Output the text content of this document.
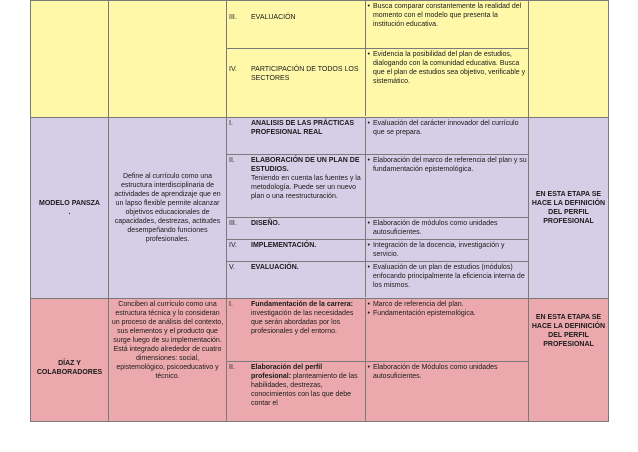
III.	EVALUACIÓN	
• Busca comparar constantemente la realidad del momento con el modelo que presenta la institución educativa.

IV.	PARTICIPACIÓN DE TODOS LOS SECTORES	
• Evidencia la posibilidad del plan de estudios, dialogando con la comunidad educativa. Busca que el plan de estudios sea objetivo, verificable y sistemático.

MODELO PANSZA
.	Define al currículo como una estructura interdisciplinaria de actividades de aprendizaje que en un lapso flexible permite alcanzar objetivos educacionales de capacidades, destrezas, actitudes desempeñando funciones profesionales.	
I.	ANALISIS DE LAS PRÁCTICAS PROFESIONAL REAL	
• Evaluación del carácter innovador del currículo que se prepara.

II.	ELABORACIÓN DE UN PLAN DE ESTUDIOS.
Teniendo en cuenta las fuentes y la metodología. Puede ser un nuevo plan o una reestructuración.	
• Elaboración del marco de referencia del plan y su fundamentación epistemológica.

III.	DISEÑO.	• Elaboración de módulos como unidades autosuficientes.

IV.	IMPLEMENTACIÓN.	• Integración de la docencia, investigación y servicio.

V.	EVALUACIÓN.	• Evaluación de un plan de estudios (módulos) enfocando principalmente la eficiencia interna de los mismos.
	EN ESTA ETAPA SE HACE LA DEFINICIÓN DEL PERFIL PROFESIONAL
DÍAZ Y COLABORADORES	Conciben al currículo como una estructura técnica y lo consideran un proceso de análisis del contexto, sus elementos y el producto que surge luego de su implementación. Está integrado alrededor de cuatro dimensiones: social, epistemológico, psicoeducativo y técnico.	
I.	Fundamentación de la carrera: investigación de las necesidades que serán abordadas por los profesionales y del entorno.	
• Marco de referencia del plan.
• Fundamentación epistemológica.

II.	Elaboración del perfil profesional: planteamiento de las habilidades, destrezas, conocimientos con las que debe contar el	
• Elaboración de Módulos como unidades autosuficientes.
	EN ESTA ETAPA SE HACE LA DEFINICIÓN DEL PERFIL PROFESIONAL
